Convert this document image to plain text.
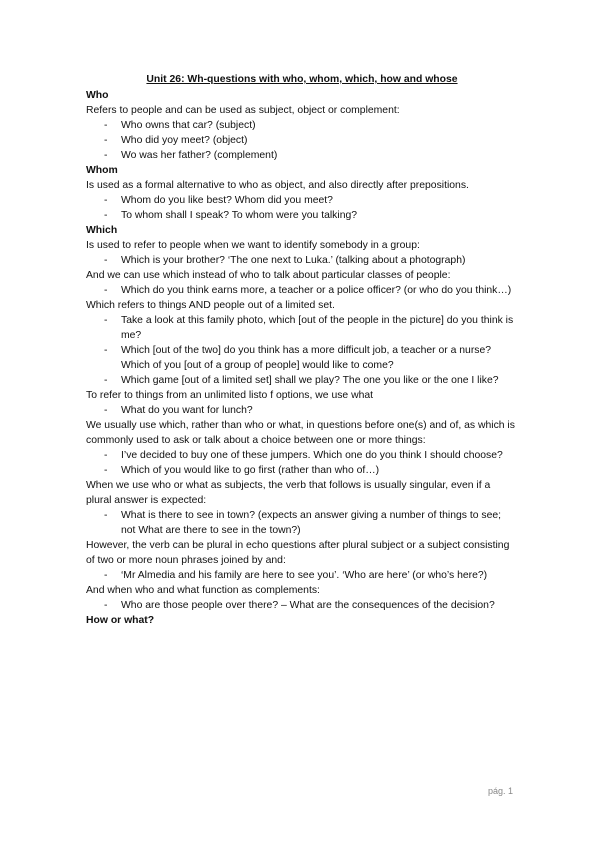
Unit 26: Wh-questions with who, whom, which, how and whose
Who
Refers to people and can be used as subject, object or complement:
- Who owns that car? (subject)
- Who did yoy meet? (object)
- Wo was her father? (complement)
Whom
Is used as a formal alternative to who as object, and also directly after prepositions.
- Whom do you like best? Whom did you meet?
- To whom shall I speak? To whom were you talking?
Which
Is used to refer to people when we want to identify somebody in a group:
- Which is your brother? ‘The one next to Luka.’ (talking about a photograph)
And we can use which instead of who to talk about particular classes of people:
- Which do you think earns more, a teacher or a police officer? (or who do you think…)
Which refers to things AND people out of a limited set.
- Take a look at this family photo, which [out of the people in the picture] do you think is me?
- Which [out of the two] do you think has a more difficult job, a teacher or a nurse? Which of you [out of a group of people] would like to come?
- Which game [out of a limited set] shall we play? The one you like or the one I like?
To refer to things from an unlimited listo f options, we use what
- What do you want for lunch?
We usually use which, rather than who or what, in questions before one(s) and of, as which is commonly used to ask or talk about a choice between one or more things:
- I’ve decided to buy one of these jumpers. Which one do you think I should choose?
- Which of you would like to go first (rather than who of…)
When we use who or what as subjects, the verb that follows is usually singular, even if a plural answer is expected:
- What is there to see in town? (expects an answer giving a number of things to see; not What are there to see in the town?)
However, the verb can be plural in echo questions after plural subject or a subject consisting of two or more noun phrases joined by and:
- ‘Mr Almedia and his family are here to see you’. ‘Who are here’ (or who’s here?)
And when who and what function as complements:
- Who are those people over there? – What are the consequences of the decision?
How or what?
pág. 1
